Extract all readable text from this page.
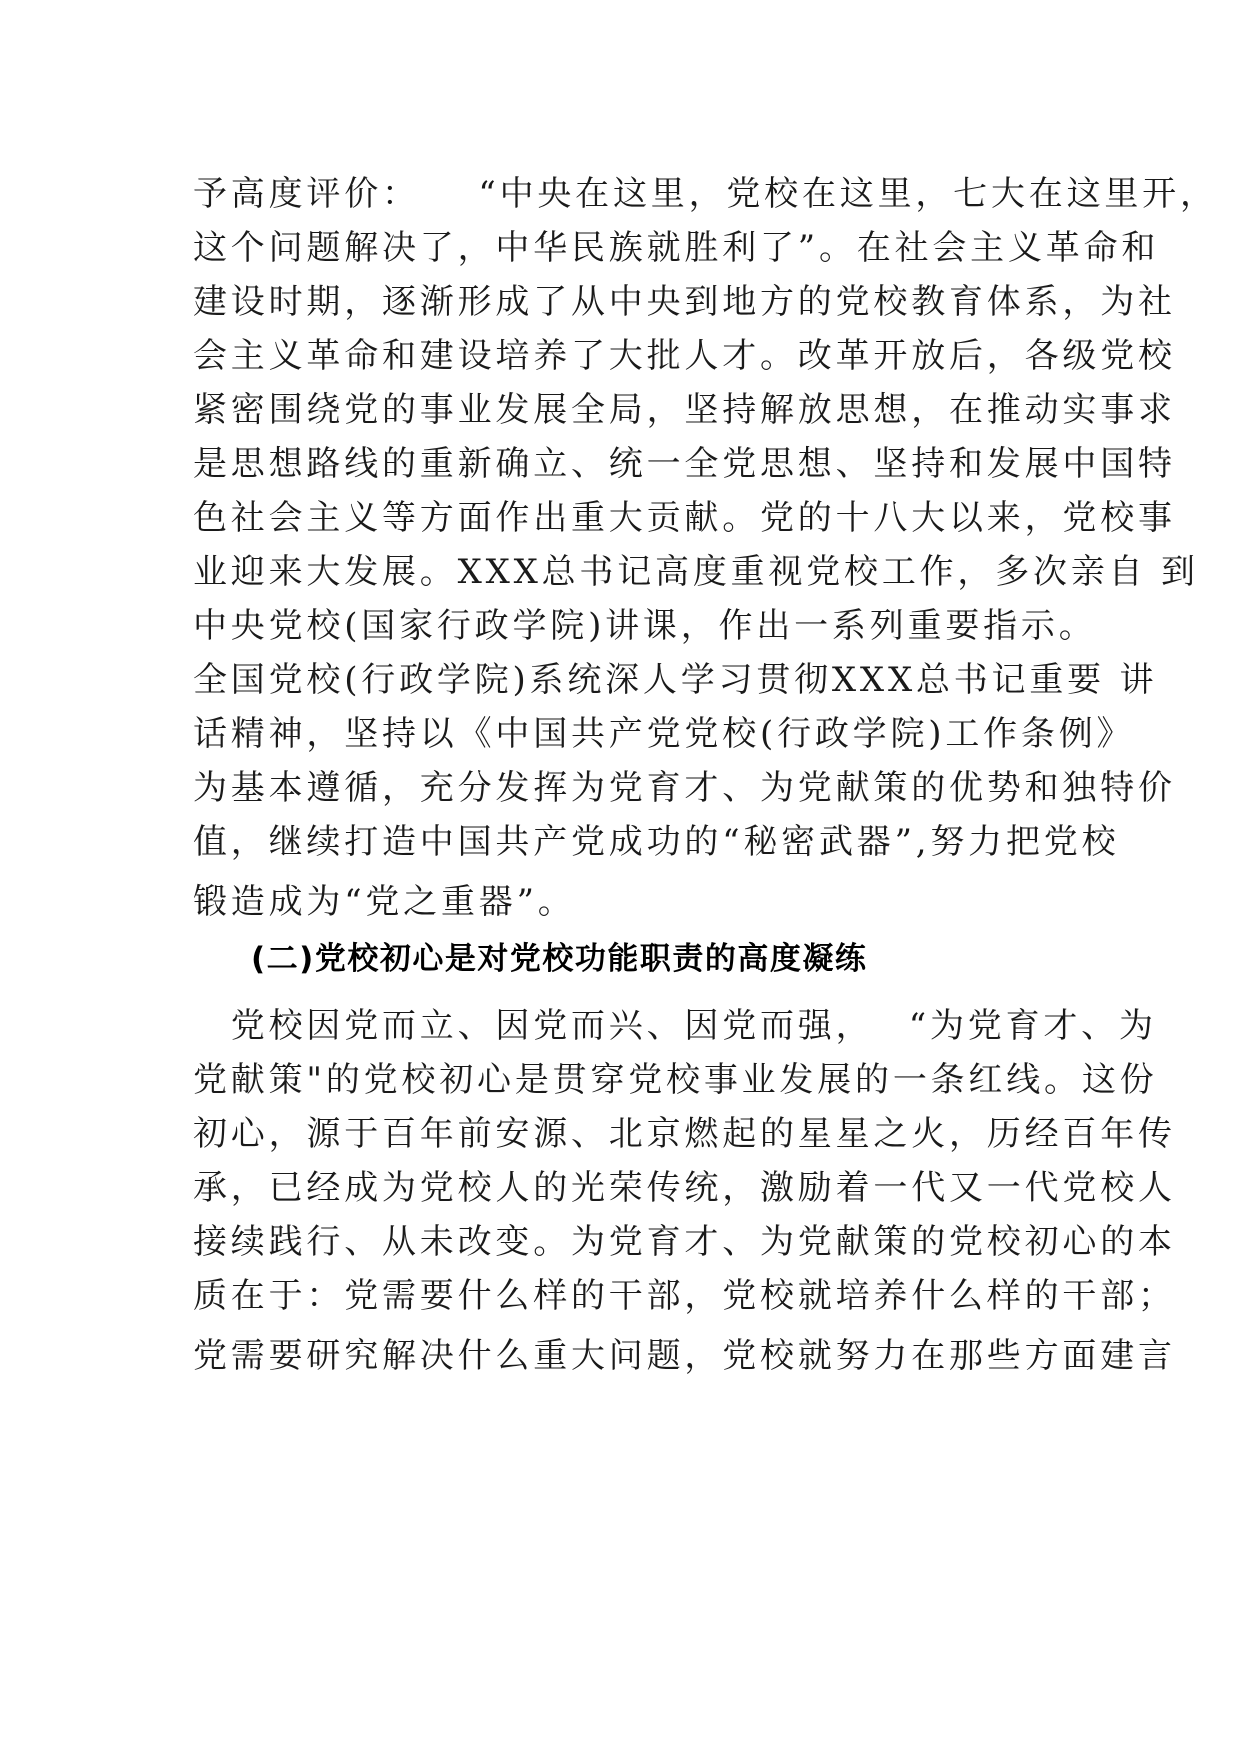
予高度评价：　　“中央在这里，党校在这里，七大在这里开，
这个问题解决了，中华民族就胜利了”。在社会主义革命和
建设时期，逐渐形成了从中央到地方的党校教育体系，为社
会主义革命和建设培养了大批人才。改革开放后，各级党校
紧密围绕党的事业发展全局，坚持解放思想，在推动实事求
是思想路线的重新确立、统一全党思想、坚持和发展中国特
色社会主义等方面作出重大贡献。党的十八大以来，党校事
业迎来大发展。XXX总书记高度重视党校工作，多次亲自 到
中央党校(国家行政学院)讲课，作出一系列重要指示。
全国党校(行政学院)系统深人学习贯彻XXX总书记重要 讲
话精神，坚持以《中国共产党党校(行政学院)工作条例》
为基本遵循，充分发挥为党育才、为党献策的优势和独特价
值，继续打造中国共产党成功的“秘密武器”,努力把党校
锻造成为“党之重器”。
(二)党校初心是对党校功能职责的高度凝练
　党校因党而立、因党而兴、因党而强，　 “为党育才、为
党献策"的党校初心是贯穿党校事业发展的一条红线。这份
初心，源于百年前安源、北京燃起的星星之火，历经百年传
承，已经成为党校人的光荣传统，激励着一代又一代党校人
接续践行、从未改变。为党育才、为党献策的党校初心的本
质在于：党需要什么样的干部，党校就培养什么样的干部；
党需要研究解决什么重大问题，党校就努力在那些方面建言
